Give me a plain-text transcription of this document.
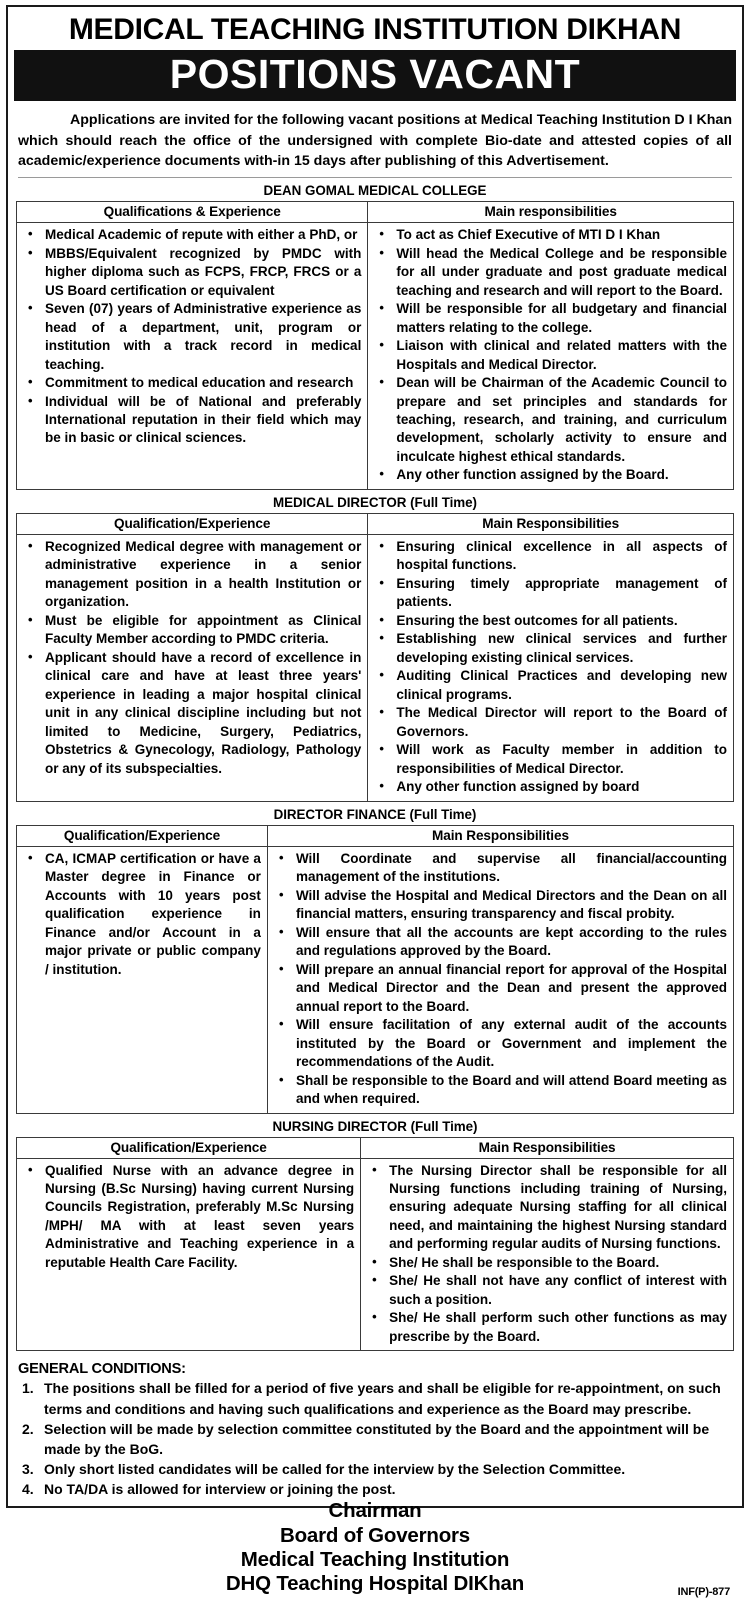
MEDICAL TEACHING INSTITUTION DIKHAN
POSITIONS VACANT
Applications are invited for the following vacant positions at Medical Teaching Institution D I Khan which should reach the office of the undersigned with complete Bio-date and attested copies of all academic/experience documents with-in 15 days after publishing of this Advertisement.
DEAN GOMAL MEDICAL COLLEGE
Qualifications & Experience	Main responsibilities

• Medical Academic of repute with either a PhD, or
• MBBS/Equivalent recognized by PMDC with higher diploma such as FCPS, FRCP, FRCS or a US Board certification or equivalent
• Seven (07) years of Administrative experience as head of a department, unit, program or institution with a track record in medical teaching.
• Commitment to medical education and research
• Individual will be of National and preferably International reputation in their field which may be in basic or clinical sciences.

• To act as Chief Executive of MTI D I Khan
• Will head the Medical College and be responsible for all under graduate and post graduate medical teaching and research and will report to the Board.
• Will be responsible for all budgetary and financial matters relating to the college.
• Liaison with clinical and related matters with the Hospitals and Medical Director.
• Dean will be Chairman of the Academic Council to prepare and set principles and standards for teaching, research, and training, and curriculum development, scholarly activity to ensure and inculcate highest ethical standards.
• Any other function assigned by the Board.
MEDICAL DIRECTOR (Full Time)
Qualification/Experience	Main Responsibilities

• Recognized Medical degree with management or administrative experience in a senior management position in a health Institution or organization.
• Must be eligible for appointment as Clinical Faculty Member according to PMDC criteria.
• Applicant should have a record of excellence in clinical care and have at least three years' experience in leading a major hospital clinical unit in any clinical discipline including but not limited to Medicine, Surgery, Pediatrics, Obstetrics & Gynecology, Radiology, Pathology or any of its subspecialties.

• Ensuring clinical excellence in all aspects of hospital functions.
• Ensuring timely appropriate management of patients.
• Ensuring the best outcomes for all patients.
• Establishing new clinical services and further developing existing clinical services.
• Auditing Clinical Practices and developing new clinical programs.
• The Medical Director will report to the Board of Governors.
• Will work as Faculty member in addition to responsibilities of Medical Director.
• Any other function assigned by board
DIRECTOR FINANCE (Full Time)
Qualification/Experience	Main Responsibilities

• CA, ICMAP certification or have a Master degree in Finance or Accounts with 10 years post qualification experience in Finance and/or Account in a major private or public company / institution.

• Will Coordinate and supervise all financial/accounting management of the institutions.
• Will advise the Hospital and Medical Directors and the Dean on all financial matters, ensuring transparency and fiscal probity.
• Will ensure that all the accounts are kept according to the rules and regulations approved by the Board.
• Will prepare an annual financial report for approval of the Hospital and Medical Director and the Dean and present the approved annual report to the Board.
• Will ensure facilitation of any external audit of the accounts instituted by the Board or Government and implement the recommendations of the Audit.
• Shall be responsible to the Board and will attend Board meeting as and when required.
NURSING DIRECTOR (Full Time)
Qualification/Experience	Main Responsibilities

• Qualified Nurse with an advance degree in Nursing (B.Sc Nursing) having current Nursing Councils Registration, preferably M.Sc Nursing /MPH/ MA with at least seven years Administrative and Teaching experience in a reputable Health Care Facility.

• The Nursing Director shall be responsible for all Nursing functions including training of Nursing, ensuring adequate Nursing staffing for all clinical need, and maintaining the highest Nursing standard and performing regular audits of Nursing functions.
• She/ He shall be responsible to the Board.
• She/ He shall not have any conflict of interest with such a position.
• She/ He shall perform such other functions as may prescribe by the Board.
GENERAL CONDITIONS:
The positions shall be filled for a period of five years and shall be eligible for re-appointment, on such terms and conditions and having such qualifications and experience as the Board may prescribe.
Selection will be made by selection committee constituted by the Board and the appointment will be made by the BoG.
Only short listed candidates will be called for the interview by the Selection Committee.
No TA/DA is allowed for interview or joining the post.
Chairman
Board of Governors
Medical Teaching Institution
DHQ Teaching Hospital DIKhan	INF(P)-877
